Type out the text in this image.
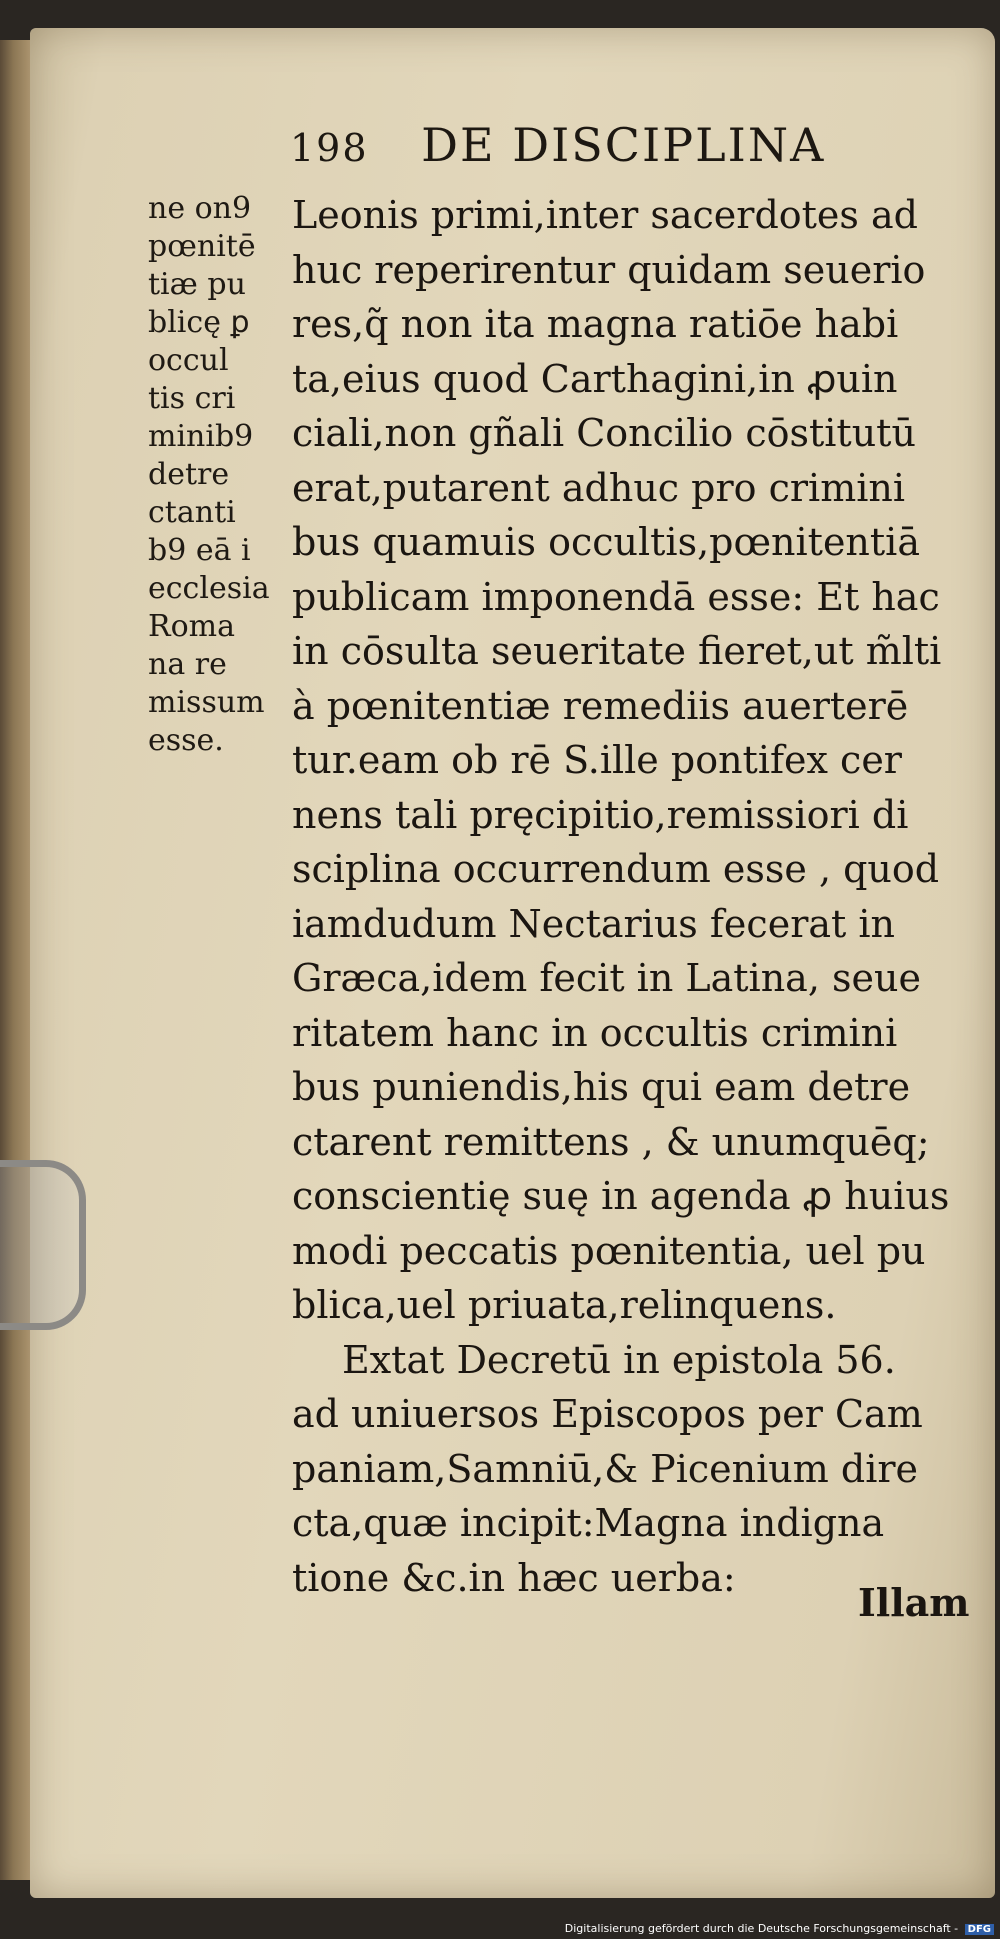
198 DE DISCIPLINA
ne on9
pœnitē
tiæ pu
blicę ꝑ
occul
tis cri
minib9
detre
ctanti
b9 eā i
ecclesia
Roma
na re
missum
esse.
Leonis primi,inter sacerdotes ad
huc reperirentur quidam seuerio
res,q̃ non ita magna ratiōe habi
ta,eius quod Carthagini,in ꝓuin
ciali,non gñali Concilio cōstitutū
erat,putarent adhuc pro crimini
bus quamuis occultis,pœnitentiā
publicam imponendā esse: Et hac
in cōsulta seueritate fieret,ut m̃lti
à pœnitentiæ remediis auerterē
tur.eam ob rē S.ille pontifex cer
nens tali pręcipitio,remissiori di
sciplina occurrendum esse , quod
iamdudum Nectarius fecerat in
Græca,idem fecit in Latina, seue
ritatem hanc in occultis crimini
bus puniendis,his qui eam detre
ctarent remittens , & unumquēq;
conscientię suę in agenda ꝓ huius
modi peccatis pœnitentia, uel pu
blica,uel priuata,relinquens.
Extat Decretū in epistola 56.
ad uniuersos Episcopos per Cam
paniam,Samniū,& Picenium dire
cta,quæ incipit:Magna indigna
tione &c.in hæc uerba:
Illam
Digitalisierung gefördert durch die Deutsche Forschungsgemeinschaft - DFG
